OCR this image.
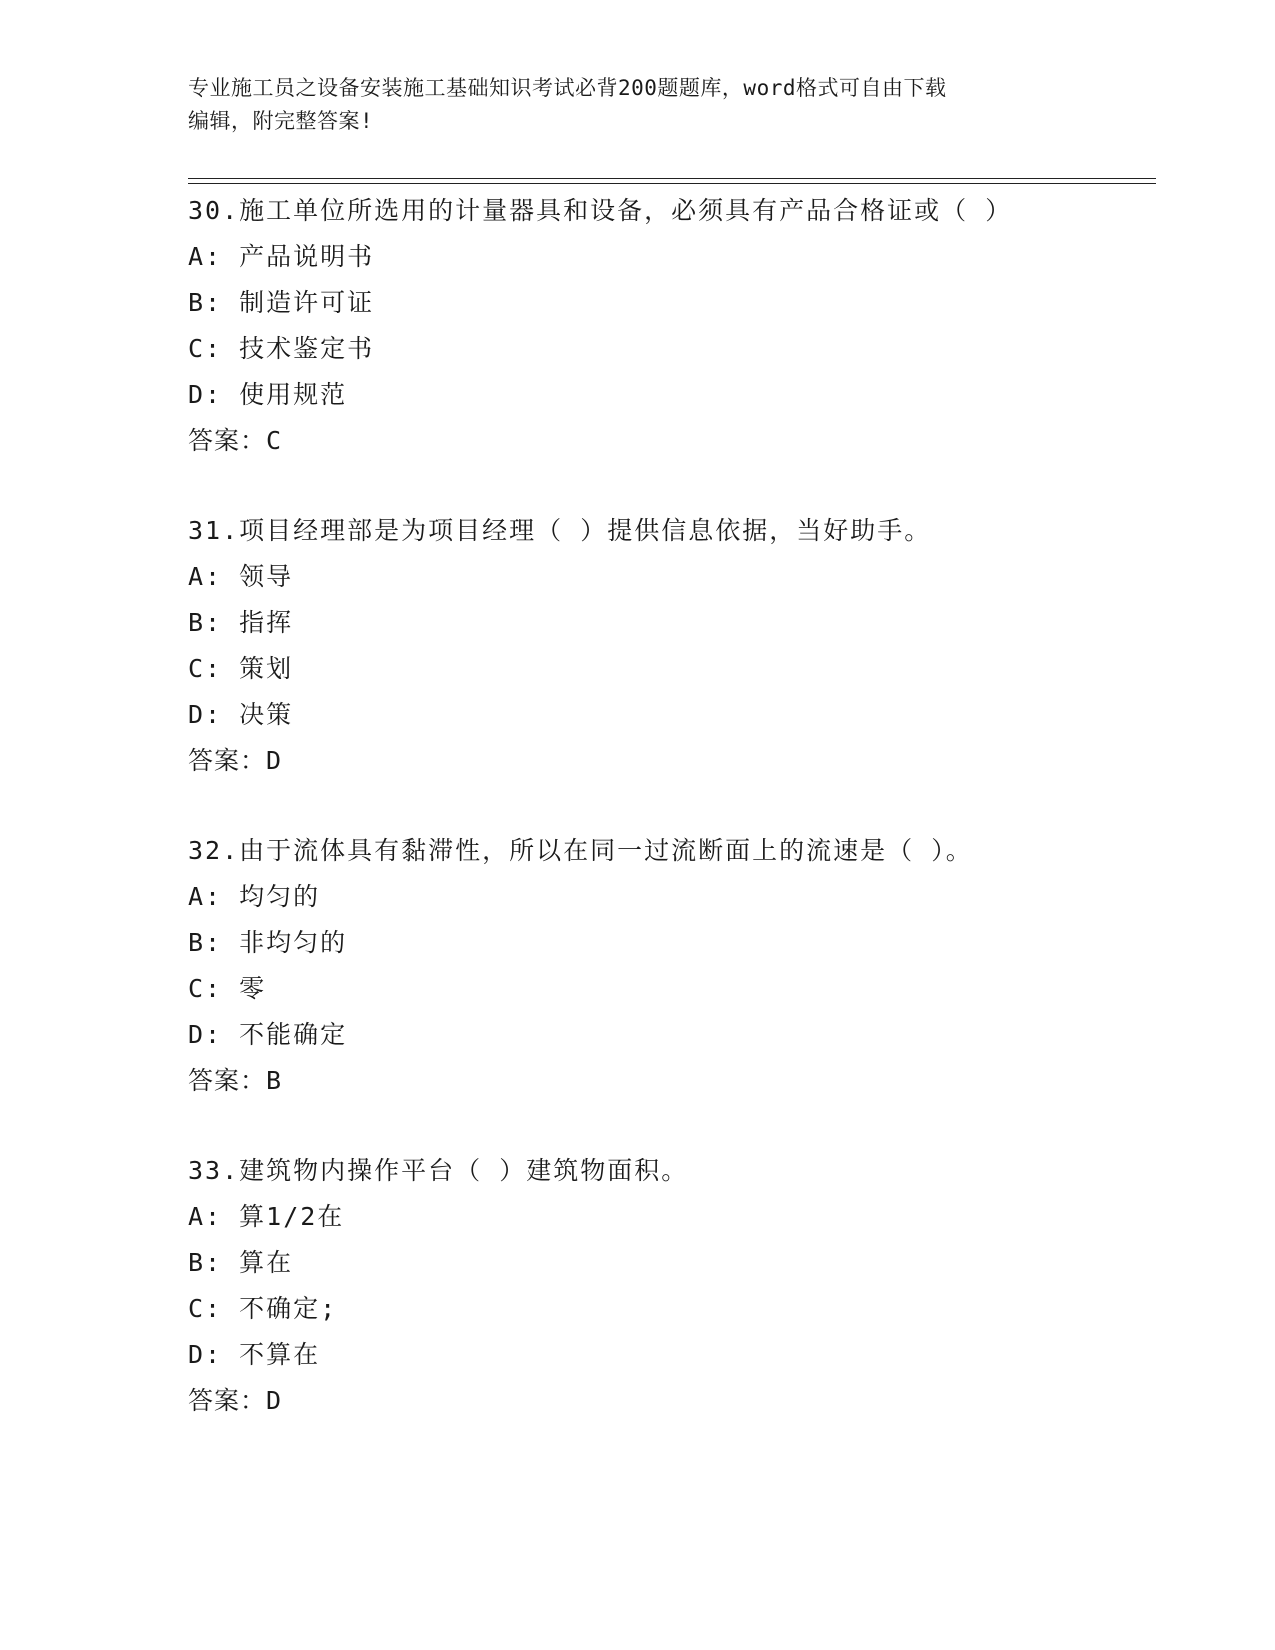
专业施工员之设备安装施工基础知识考试必背200题题库，word格式可自由下载
编辑，附完整答案!
30.施工单位所选用的计量器具和设备，必须具有产品合格证或（ ）
A: 产品说明书
B: 制造许可证
C: 技术鉴定书
D: 使用规范
答案：C
31.项目经理部是为项目经理（ ）提供信息依据，当好助手。
A: 领导
B: 指挥
C: 策划
D: 决策
答案：D
32.由于流体具有黏滞性，所以在同一过流断面上的流速是（ ）。
A: 均匀的
B: 非均匀的
C: 零
D: 不能确定
答案：B
33.建筑物内操作平台（ ）建筑物面积。
A: 算1/2在
B: 算在
C: 不确定;
D: 不算在
答案：D
